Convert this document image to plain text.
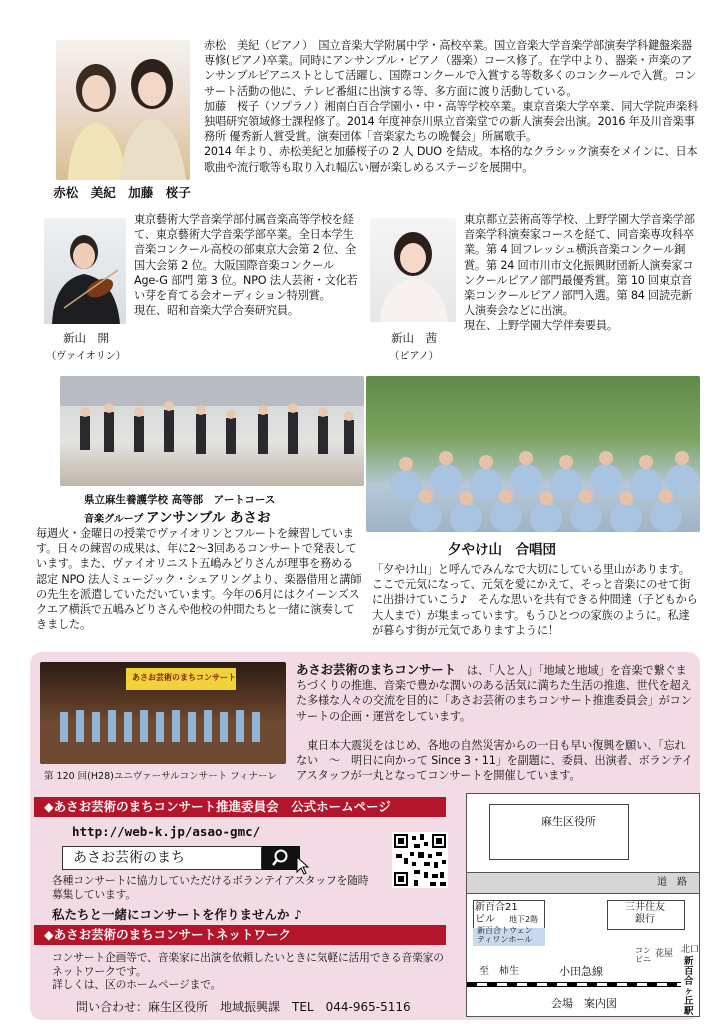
赤松　美紀（ピアノ）　国立音楽大学附属中学・高校卒業。国立音楽大学音楽学部演奏学科鍵盤楽器専修(ピアノ)卒業。同時にアンサンブル・ピアノ（器楽）コース修了。在学中より、器楽・声楽のアンサンブルピアニストとして活躍し、国際コンクールで入賞する等数多くのコンクールで入賞。コンサート活動の他に、テレビ番組に出演する等、多方面に渡り活動している。
加藤　桜子（ソプラノ）湘南白百合学園小・中・高等学校卒業。東京音楽大学卒業、同大学院声楽科独唱研究領域修士課程修了。2014 年度神奈川県立音楽堂での新人演奏会出演。2016 年及川音楽事務所 優秀新人賞受賞。演奏団体「音楽家たちの晩餐会」所属歌手。
2014 年より、赤松美紀と加藤桜子の 2 人 DUO を結成。本格的なクラシック演奏をメインに、日本歌曲や流行歌等も取り入れ幅広い層が楽しめるステージを展開中。
赤松　美紀　加藤　桜子
東京藝術大学音楽学部付属音楽高等学校を経て、東京藝術大学音楽学部卒業。全日本学生音楽コンクール高校の部東京大会第 2 位、全国大会第 2 位。大阪国際音楽コンクール Age-G 部門 第 3 位。NPO 法人芸術・文化若い芽を育てる会オーディション特別賞。
現在、昭和音楽大学合奏研究員。
新山　開
（ヴァイオリン）
東京都立芸術高等学校、上野学園大学音楽学部音楽学科演奏家コースを経て、同音楽専攻科卒業。第 4 回フレッシュ横浜音楽コンクール銅賞。第 24 回市川市文化振興財団新人演奏家コンクールピアノ部門最優秀賞。第 10 回東京音楽コンクールピアノ部門入選。第 84 回読売新人演奏会などに出演。
現在、上野学園大学伴奏要員。
新山　茜
（ピアノ）
県立麻生養護学校 高等部　アートコース
音楽グループ アンサンブル あさお
毎週火・金曜日の授業でヴァイオリンとフルートを練習しています。日々の練習の成果は、年に2～3回あるコンサートで発表しています。また、ヴァイオリニスト五嶋みどりさんが理事を務める認定 NPO 法人ミュージック・シェアリングより、楽器借用と講師の先生を派遣していただいています。今年の6月にはクイーンズスクエア横浜で五嶋みどりさんや他校の仲間たちと一緒に演奏してきました。
夕やけ山　合唱団
「夕やけ山」と呼んでみんなで大切にしている里山があります。ここで元気になって、元気を愛にかえて、そっと音楽にのせて街に出掛けていこう♪　そんな思いを共有できる仲間達（子どもから大人まで）が集まっています。もうひとつの家族のように。私達が暮らす街が元気でありますように！
あさお芸術のまちコンサート
第 120 回(H28)ユニヴァーサルコンサート フィナーレ
あさお芸術のまちコンサート　は、「人と人」「地域と地域」を音楽で繋ぐまちづくりの推進、音楽で豊かな潤いのある活気に満ちた生活の推進、世代を超えた多様な人々の交流を目的に「あさお芸術のまちコンサート推進委員会」がコンサートの企画・運営をしています。
　東日本大震災をはじめ、各地の自然災害からの一日も早い復興を願い、「忘れない　～　明日に向かって Since 3・11」を副題に、委員、出演者、ボランテイアスタッフが一丸となってコンサートを開催しています。
◆あさお芸術のまちコンサート推進委員会　公式ホームページ
http://web-k.jp/asao-gmc/
あさお芸術のまち
各種コンサートに協力していただけるボランテイアスタッフを随時募集しています。
私たちと一緒にコンサートを作りませんか ♪
◆あさお芸術のまちコンサートネットワーク
コンサート企画等で、音楽家に出演を依頼したいときに気軽に活用できる音楽家のネットワークです。
詳しくは、区のホームページまで。
問い合わせ：麻生区役所　地域振興課　TEL　044-965-5116
麻生区役所
道　路
新百合21
ビル	地下2階
新百合トウェン
ティワンホール
三井住友
銀行
コン
ビニ
花屋 北口
新百合ヶ丘駅
至　柿生	小田急線
会場　案内図
